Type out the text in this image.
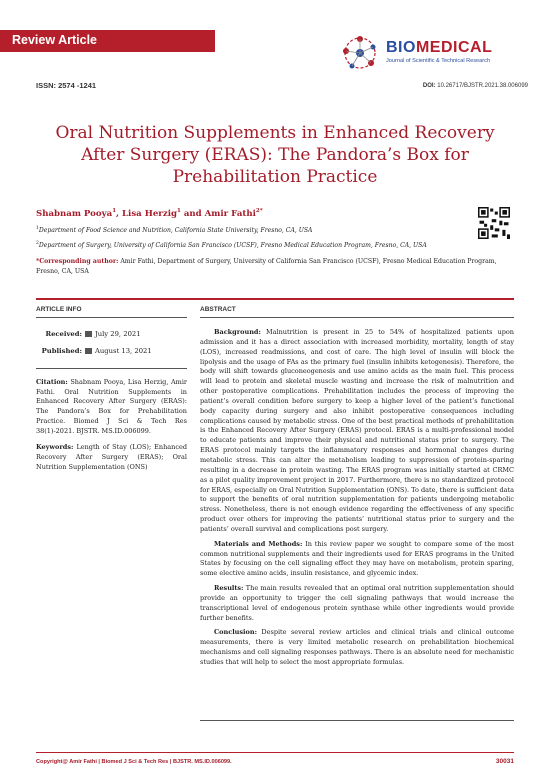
Review Article	BIOMEDICAL
Journal of Scientific & Technical Research
ISSN: 2574 -1241	DOI: 10.26717/BJSTR.2021.38.006099
Oral Nutrition Supplements in Enhanced Recovery After Surgery (ERAS): The Pandora’s Box for Prehabilitation Practice
Shabnam Pooya$^1$, Lisa Herzig$^1$ and Amir Fathi$^{2*}$
$^1$Department of Food Science and Nutrition, California State University, Fresno, CA, USA
$^2$Department of Surgery, University of California San Francisco (UCSF), Fresno Medical Education Program, Fresno, CA, USA
*Corresponding author: Amir Fathi, Department of Surgery, University of California San Francisco (UCSF), Fresno Medical Education Program, Fresno, CA, USA
ARTICLE INFO	ABSTRACT
Received: July 29, 2021
Published: August 13, 2021
Citation: Shabnam Pooya, Lisa Herzig, Amir Fathi. Oral Nutrition Supplements in Enhanced Recovery After Surgery (ERAS): The Pandora’s Box for Prehabilitation Practice. Biomed J Sci & Tech Res 38(1)-2021. BJSTR. MS.ID.006099.
Keywords: Length of Stay (LOS); Enhanced Recovery After Surgery (ERAS); Oral Nutrition Supplementation (ONS)

Background: Malnutrition is present in 25 to 54% of hospitalized patients upon admission and it has a direct association with increased morbidity, mortality, length of stay (LOS), increased readmissions, and cost of care. The high level of insulin will block the lipolysis and the usage of FAs as the primary fuel (insulin inhibits ketogenesis). Therefore, the body will shift towards gluconeogenesis and use amino acids as the main fuel. This process will lead to protein and skeletal muscle wasting and increase the risk of malnutrition and other postoperative complications. Prehabilitation includes the process of improving the patient’s overall condition before surgery to keep a higher level of the patient’s functional body capacity during surgery and also inhibit postoperative consequences including complications caused by metabolic stress. One of the best practical methods of prehabilitation is the Enhanced Recovery After Surgery (ERAS) protocol. ERAS is a multi-professional model to educate patients and improve their physical and nutritional status prior to surgery. The ERAS protocol mainly targets the inflammatory responses and hormonal changes during metabolic stress. This can alter the metabolism leading to suppression of protein-sparing resulting in a decrease in protein wasting. The ERAS program was initially started at CRMC as a pilot quality improvement project in 2017. Furthermore, there is no standardized protocol for ERAS, especially on Oral Nutrition Supplementation (ONS). To date, there is sufficient data to support the benefits of oral nutrition supplementation for patients undergoing metabolic stress. Nonetheless, there is not enough evidence regarding the effectiveness of any specific product over others for improving the patients’ nutritional status prior to surgery and the patients’ overall survival and complications post surgery.

Materials and Methods: In this review paper we sought to compare some of the most common nutritional supplements and their ingredients used for ERAS programs in the United States by focusing on the cell signaling effect they may have on metabolism, protein sparing, some elective amino acids, insulin resistance, and glycemic index.

Results: The main results revealed that an optimal oral nutrition supplementation should provide an opportunity to trigger the cell signaling pathways that would increase the transcriptional level of endogenous protein synthase while other ingredients would provide further benefits.

Conclusion: Despite several review articles and clinical trials and clinical outcome measurements, there is very limited metabolic research on prehabilitation biochemical mechanisms and cell signaling responses pathways. There is an absolute need for mechanistic studies that will help to select the most appropriate formulas.

Copyright@ Amir Fathi | Biomed J Sci & Tech Res | BJSTR. MS.ID.006099.	30031
